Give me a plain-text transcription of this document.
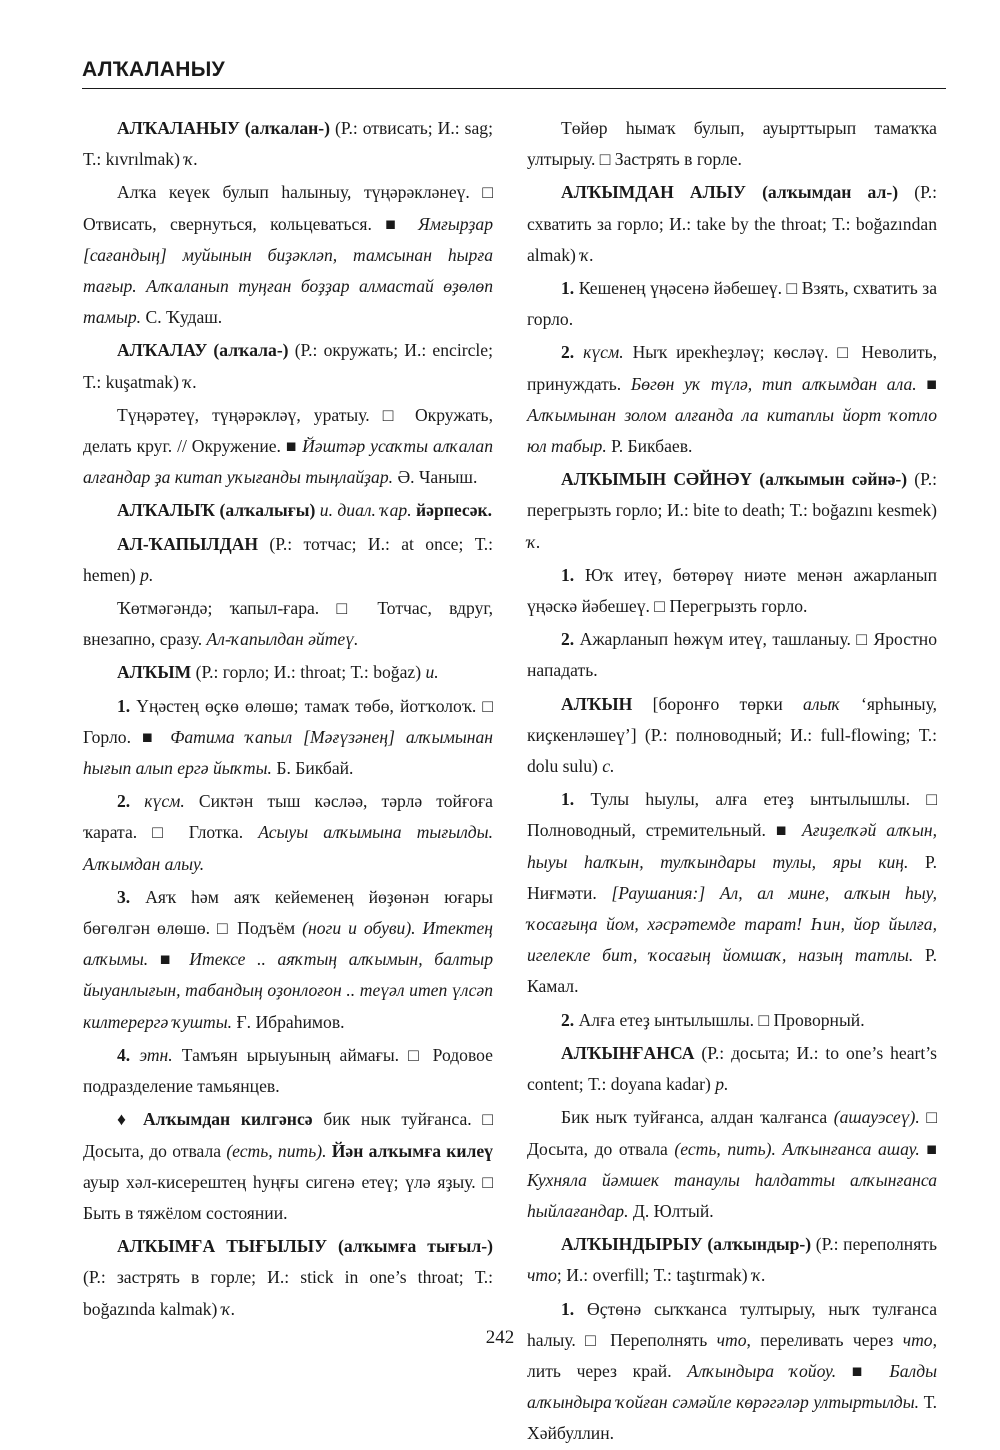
АЛҠАЛАНЫУ

АЛҠАЛАНЫУ (алҡалан-) (Р.: отвисать; И.: sag; Т.: kıvrılmak) ҡ.

Алҡа кеүек булып һалыныу, түңәрәкләнеү. □ Отвисать, свернуться, кольцеваться. ■ Ямғырҙар [сағандың] муйынын биҙәкләп, тамсынан һырға тағыр. Алҡаланып туңған боҙҙар алмастай өҙөлөп тамыр. С. Ҡудаш.

АЛҠАЛАУ (алҡала-) (Р.: окружать; И.: encircle; Т.: kuşatmak) ҡ.

Түңәрәтеү, түңәрәкләү, уратыу. □ Окружать, делать круг. // Окружение. ■ Йәштәр усаҡты алҡалап алғандар ҙа китап уҡығанды тыңлайҙар. Ә. Чаныш.

АЛҠАЛЫҠ (алҡалығы) и. диал. ҡар. йәрпесәк.

АЛ-ҠАПЫЛДАН (Р.: тотчас; И.: at once; Т.: hemen) р.

Ҡөтмәгәндә; ҡапыл-ғара. □ Тотчас, вдруг, внезапно, сразу. Ал-ҡапылдан әйтеү.

АЛҠЫМ (Р.: горло; И.: throat; Т.: boğaz) и.

1. Үңәстең өҫкө өлөшө; тамаҡ төбө, йотҡолоҡ. □ Горло. ■ Фатима ҡапыл [Мәғүзәнең] алҡымынан һығып алып ергә йыҡты. Б. Бикбай.

2. күсм. Сиктән тыш кәсләә, тәрлә тойғоға ҡарата. □ Глотка. Асыуы алҡымына тығылды. Алҡымдан алыу.

3. Аяҡ һәм аяҡ кейеменең йөҙөнән юғары бөгөлгән өлөшө. □ Подъём (ноги и обуви). Итектең алҡымы. ■ Итексе .. аяҡтың алҡымын, балтыр йыуанлығын, табандың оҙонлоғон .. теүәл итеп үлсәп килтерергә ҡушты. Ғ. Ибраһимов.

4. этн. Тамъян ырыуының аймағы. □ Родовое подразделение тамьянцев.

♦ Алҡымдан килгәнсә бик нык туйғанса. □ Досыта, до отвала (есть, пить). Йән алҡымға килеү ауыр хәл-кисерештең һуңғы сигенә етеү; үлә яҙыу. □ Быть в тяжёлом состоянии.

АЛҠЫМҒА ТЫҒЫЛЫУ (алҡымға тығыл-) (Р.: застрять в горле; И.: stick in one’s throat; Т.: boğazında kalmak) ҡ.

Төйөр һымаҡ булып, ауырттырып тамаҡҡа ултырыу. □ Застрять в горле.

АЛҠЫМДАН АЛЫУ (алҡымдан ал-) (Р.: схватить за горло; И.: take by the throat; Т.: boğazından almak) ҡ.

1. Кешенең үңәсенә йәбешеү. □ Взять, схватить за горло.

2. күсм. Ныҡ ирекһеҙләү; көсләү. □ Неволить, принуждать. Бөгөн уҡ түлә, тип алҡымдан ала. ■ Алҡымынан золом алғанда ла китаплы йорт ҡотло юл табыр. Р. Бикбаев.

АЛҠЫМЫН СӘЙНӘҮ (алҡымын сәйнә-) (Р.: перегрызть горло; И.: bite to death; Т.: boğazını kesmek) ҡ.

1. Юҡ итеү, бөтөрөү ниәте менән ажарланып үңәскә йәбешеү. □ Перегрызть горло.

2. Ажарланып һөжүм итеү, ташланыу. □ Яростно нападать.

АЛҠЫН [боронғо төрки алыҡ ‘ярһыныу, киҫкенләшеү’] (Р.: полноводный; И.: full-flowing; Т.: dolu sulu) с.

1. Тулы һыулы, алға етеҙ ынтылышлы. □ Полноводный, стремительный. ■ Ағиҙелҡәй алҡын, һыуы һалҡын, тулҡындары тулы, яры киң. Р. Ниғмәти. [Раушания:] Ал, ал мине, алҡын һыу, ҡосағыңа йом, хәсрәтемде тарат! Һин, йор йылға, игелекле бит, ҡосағың йомшаҡ, назың татлы. Р. Камал.

2. Алға етеҙ ынтылышлы. □ Проворный.

АЛҠЫНҒАНСА (Р.: досыта; И.: to one’s heart’s content; Т.: doyana kadar) р.

Бик ныҡ туйғанса, алдан ҡалғанса (ашауэсеү). □ Досыта, до отвала (есть, пить). Алҡынғанса ашау. ■ Кухняла йәмшек танаулы һалдатты алҡынғанса һыйлағандар. Д. Юлтый.

АЛҠЫНДЫРЫУ (алҡындыр-) (Р.: переполнять что; И.: overfill; Т.: taştırmak) ҡ.

1. Өҫтөнә сыҡҡанса тултырыу, ныҡ тулғанса һалыу. □ Переполнять что, переливать через что, лить через край. Алҡындыра ҡойоу. ■ Балды алҡындыра ҡойған сәмәйле көрәгәләр ултыртылды. Т. Хәйбуллин.

242
